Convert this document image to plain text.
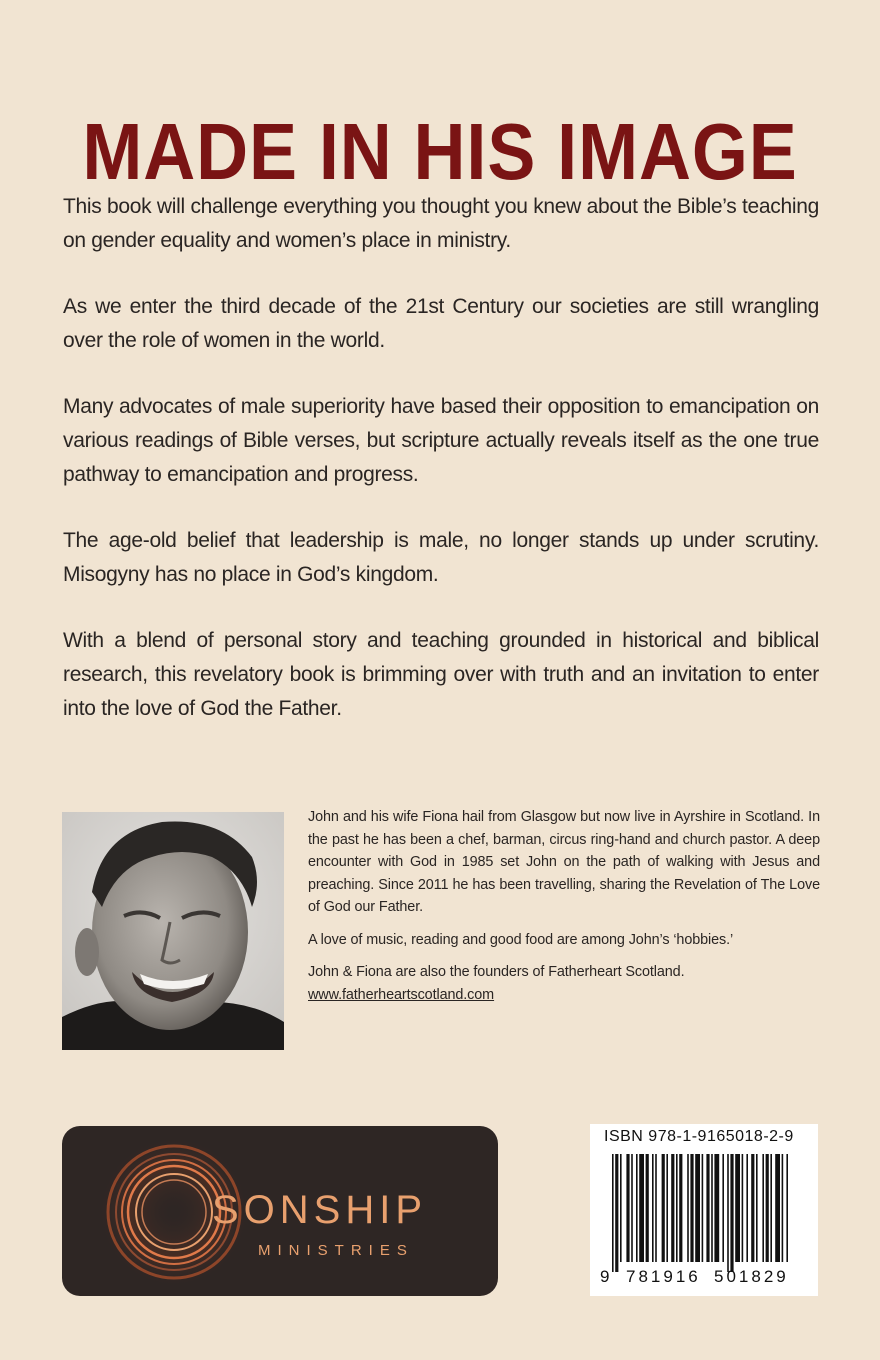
MADE IN HIS IMAGE

This book will challenge everything you thought you knew about the Bible’s teaching on gender equality and women’s place in ministry.

As we enter the third decade of the 21st Century our societies are still wrangling over the role of women in the world.

Many advocates of male superiority have based their opposition to emancipation on various readings of Bible verses, but scripture actually reveals itself as the one true pathway to emancipation and progress.

The age-old belief that leadership is male, no longer stands up under scrutiny. Misogyny has no place in God’s kingdom.

With a blend of personal story and teaching grounded in historical and biblical research, this revelatory book is brimming over with truth and an invitation to enter into the love of God the Father.

John and his wife Fiona hail from Glasgow but now live in Ayrshire in Scotland. In the past he has been a chef, barman, circus ring-hand and church pastor. A deep encounter with God in 1985 set John on the path of walking with Jesus and preaching. Since 2011 he has been travelling, sharing the Revelation of The Love of God our Father.

A love of music, reading and good food are among John’s ‘hobbies.’

John & Fiona are also the founders of Fatherheart Scotland.
www.fatherheartscotland.com

SONSHIP
MINISTRIES
ISBN 978-1-9165018-2-9
9 781916 501829
